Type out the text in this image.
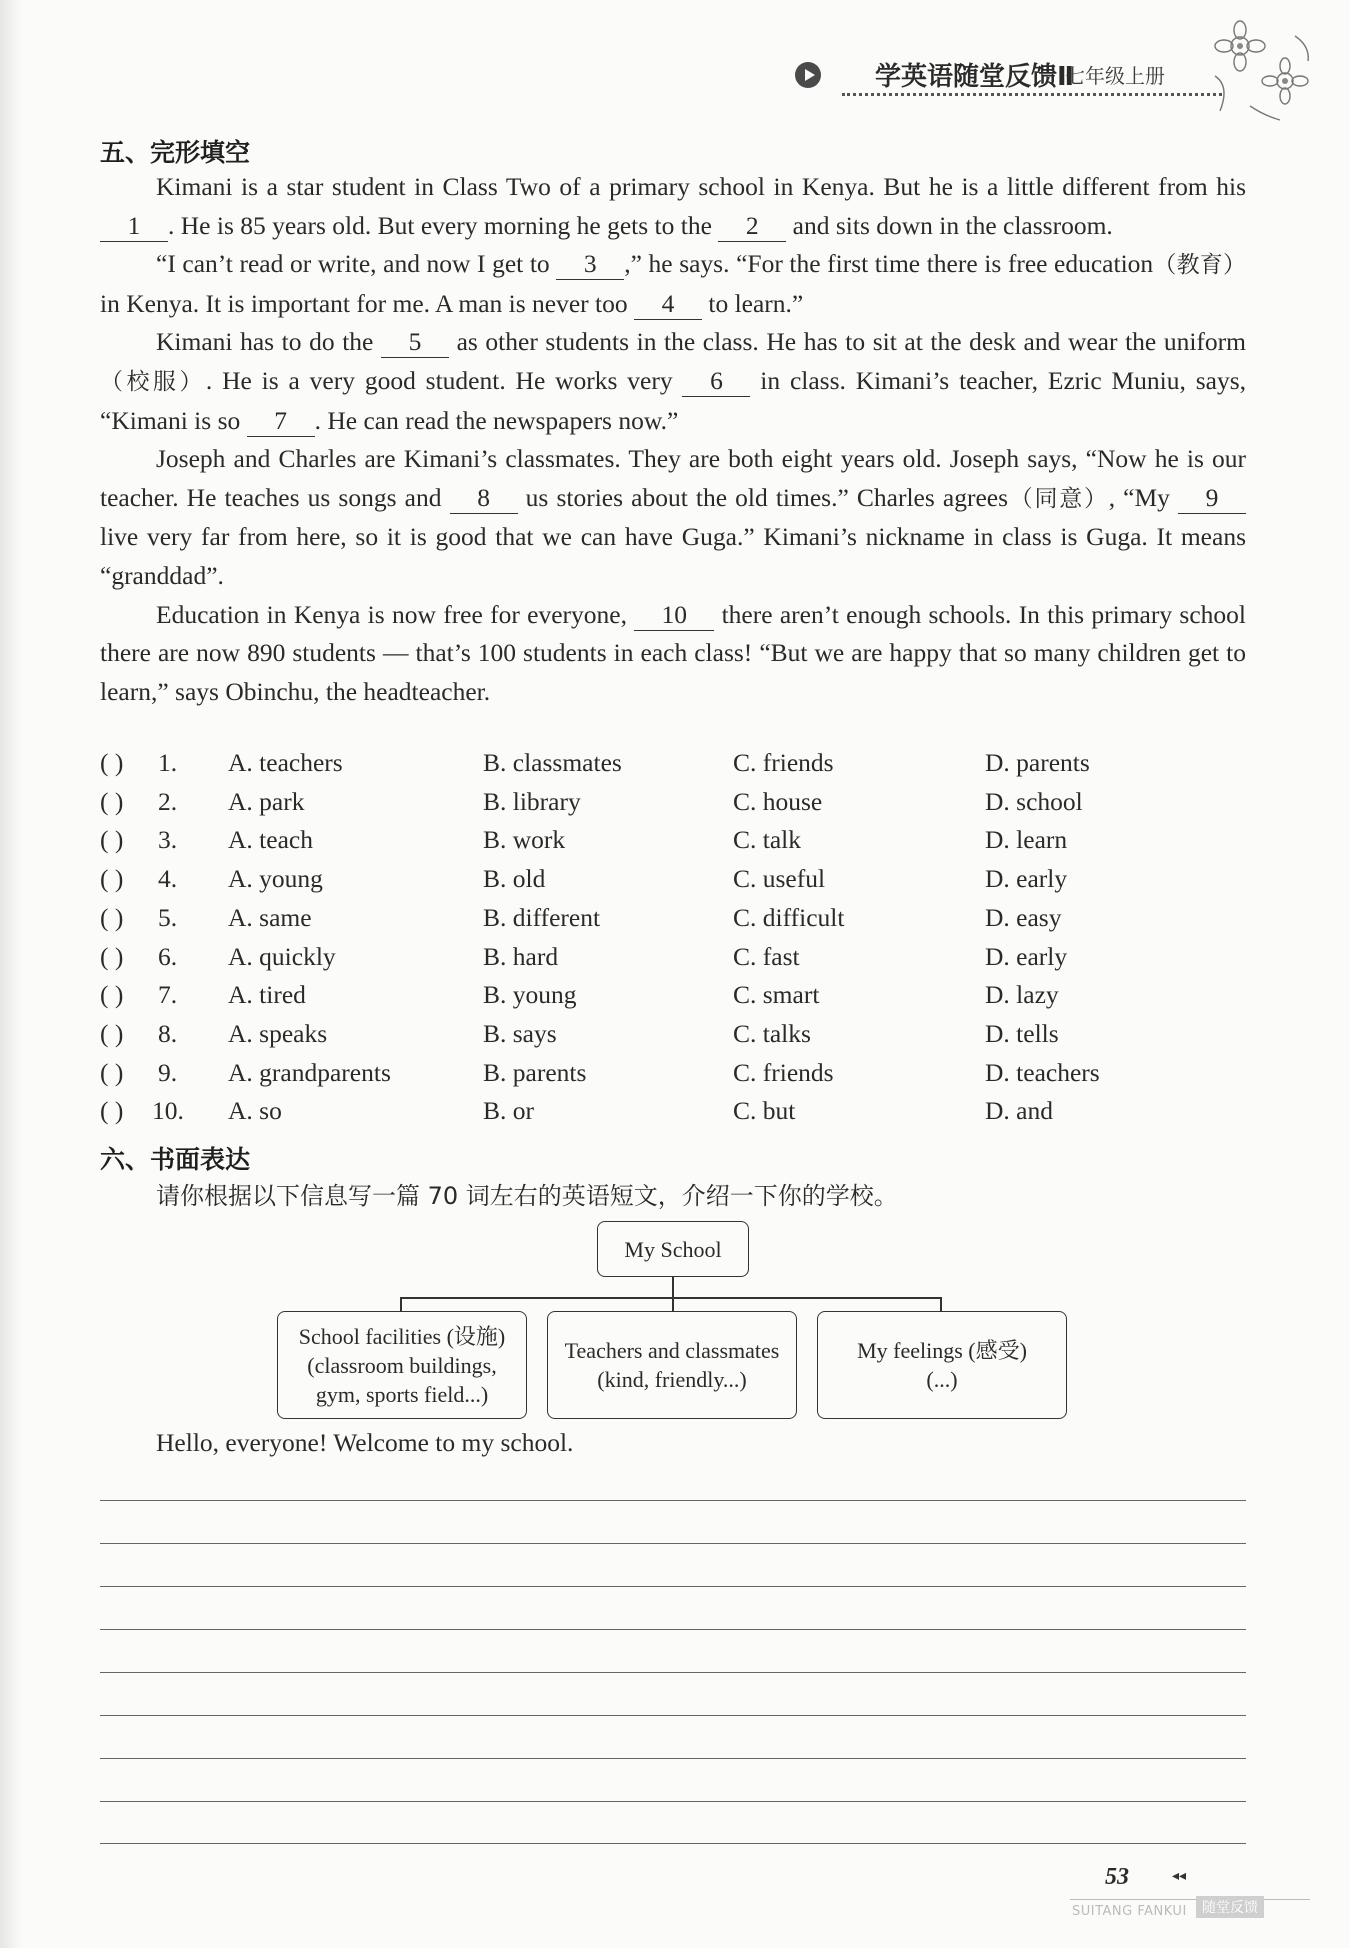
学英语随堂反馈Ⅱ
七年级上册
五、完形填空

Kimani is a star student in Class Two of a primary school in Kenya. But he is a little different from his 1 . He is 85 years old. But every morning he gets to the 2 and sits down in the classroom.

“I can’t read or write, and now I get to 3 ,” he says. “For the first time there is free education（教育）in Kenya. It is important for me. A man is never too 4 to learn.”

Kimani has to do the 5 as other students in the class. He has to sit at the desk and wear the uniform（校服）. He is a very good student. He works very 6 in class. Kimani’s teacher, Ezric Muniu, says, “Kimani is so 7 . He can read the newspapers now.”

Joseph and Charles are Kimani’s classmates. They are both eight years old. Joseph says, “Now he is our teacher. He teaches us songs and 8 us stories about the old times.” Charles agrees（同意）, “My 9 live very far from here, so it is good that we can have Guga.” Kimani’s nickname in class is Guga. It means “granddad”.

Education in Kenya is now free for everyone, 10 there aren’t enough schools. In this primary school there are now 890 students — that’s 100 students in each class! “But we are happy that so many children get to learn,” says Obinchu, the headteacher.

( ) 1. A. teachers	B. classmates	C. friends	D. parents
( ) 2. A. park	B. library	C. house	D. school
( ) 3. A. teach	B. work	C. talk	D. learn
( ) 4. A. young	B. old	C. useful	D. early
( ) 5. A. same	B. different	C. difficult	D. easy
( ) 6. A. quickly	B. hard	C. fast	D. early
( ) 7. A. tired	B. young	C. smart	D. lazy
( ) 8. A. speaks	B. says	C. talks	D. tells
( ) 9. A. grandparents	B. parents	C. friends	D. teachers
( ) 10. A. so	B. or	C. but	D. and
六、书面表达
请你根据以下信息写一篇 70 词左右的英语短文，介绍一下你的学校。
My School
School facilities (设施)
(classroom buildings,
gym, sports field...)
Teachers and classmates
(kind, friendly...)
My feelings (感受)
(...)
Hello, everyone! Welcome to my school.
53	◂◂
SUITANG FANKUI	随堂反馈
